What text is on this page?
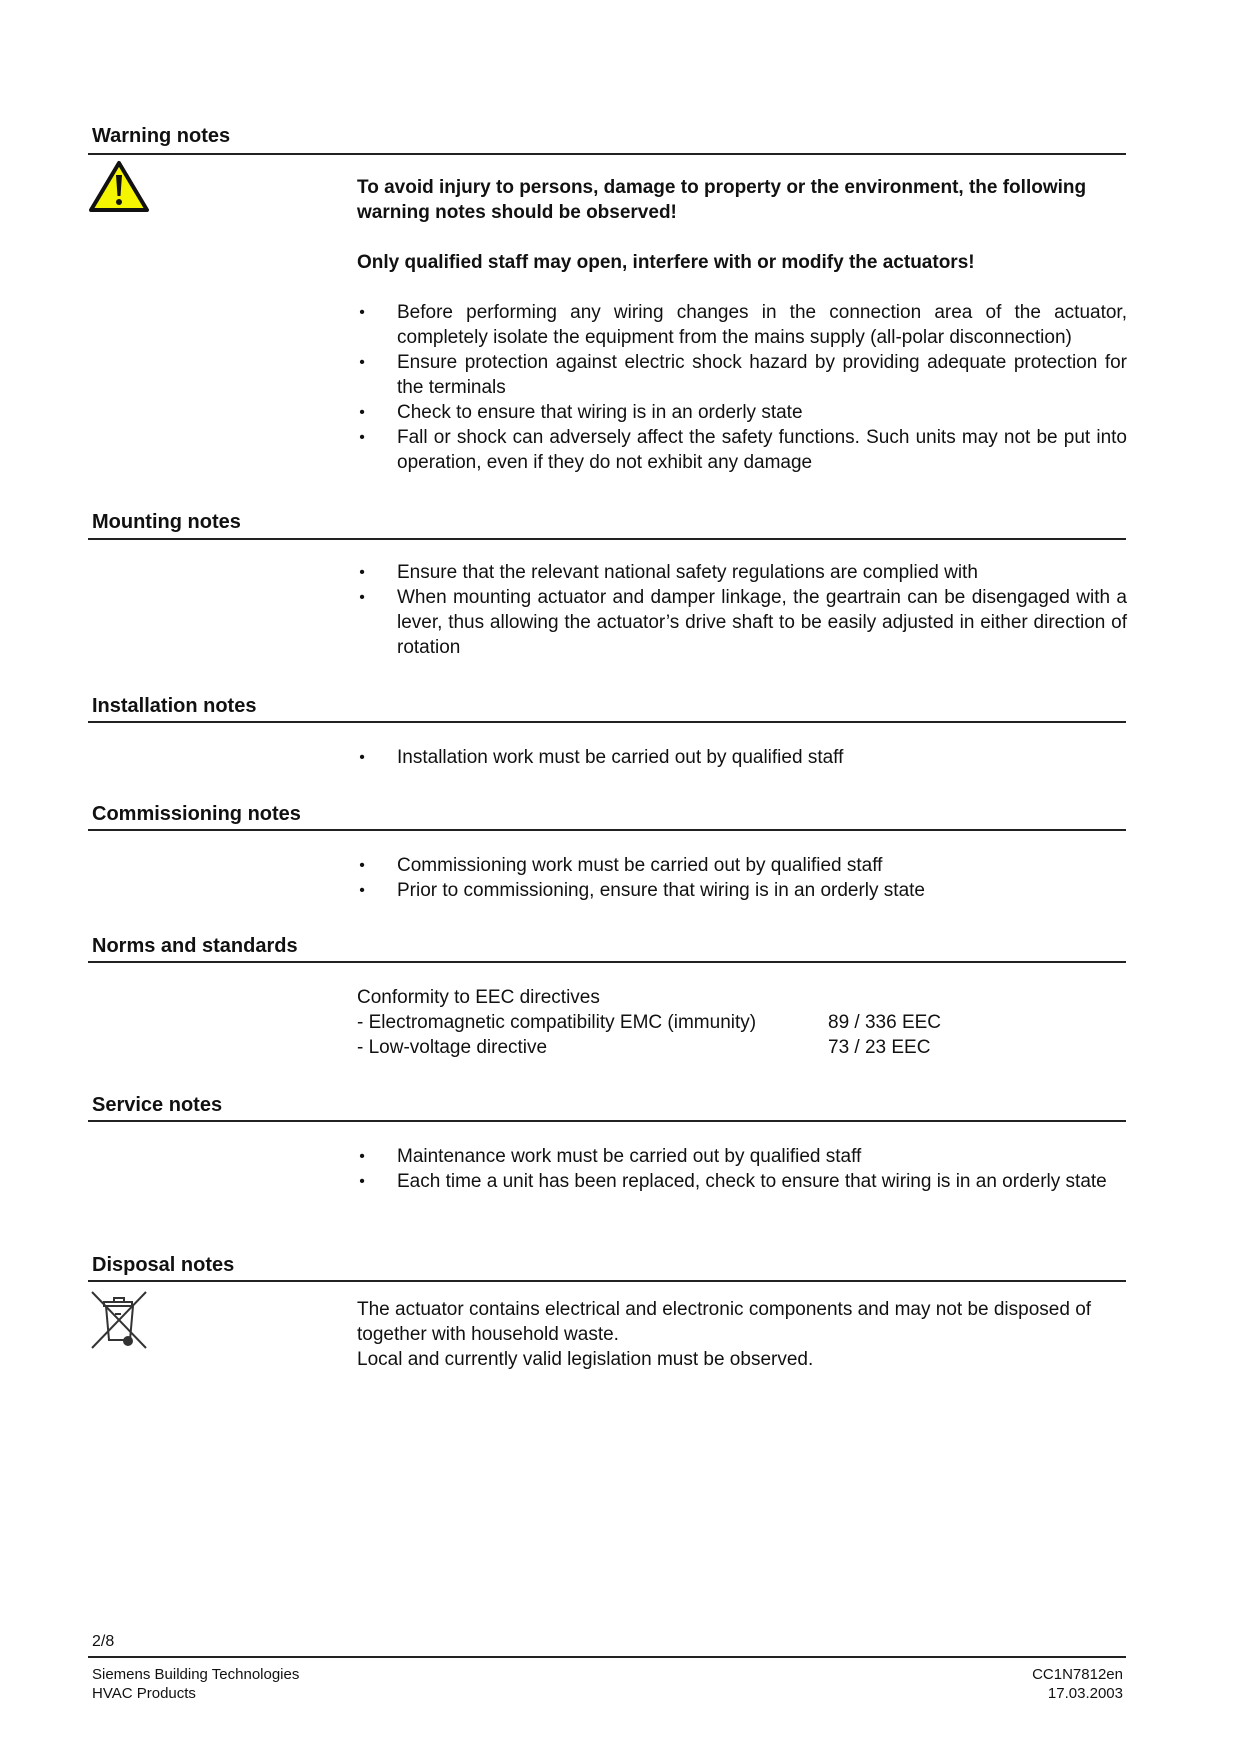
Warning notes
To avoid injury to persons, damage to property or the environment, the following warning notes should be observed!
Only qualified staff may open, interfere with or modify the actuators!
• Before performing any wiring changes in the connection area of the actuator, completely isolate the equipment from the mains supply (all-polar disconnection)
• Ensure protection against electric shock hazard by providing adequate protection for the terminals
• Check to ensure that wiring is in an orderly state
• Fall or shock can adversely affect the safety functions. Such units may not be put into operation, even if they do not exhibit any damage
Mounting notes
• Ensure that the relevant national safety regulations are complied with
• When mounting actuator and damper linkage, the geartrain can be disengaged with a lever, thus allowing the actuator’s drive shaft to be easily adjusted in either direction of rotation
Installation notes
• Installation work must be carried out by qualified staff
Commissioning notes
• Commissioning work must be carried out by qualified staff
• Prior to commissioning, ensure that wiring is in an orderly state
Norms and standards
Conformity to EEC directives
- Electromagnetic compatibility EMC (immunity)	89 / 336 EEC
- Low-voltage directive	73 / 23 EEC
Service notes
• Maintenance work must be carried out by qualified staff
• Each time a unit has been replaced, check to ensure that wiring is in an orderly state
Disposal notes
The actuator contains electrical and electronic components and may not be disposed of together with household waste.
Local and currently valid legislation must be observed.
2/8
Siemens Building Technologies
HVAC Products
CC1N7812en
17.03.2003
